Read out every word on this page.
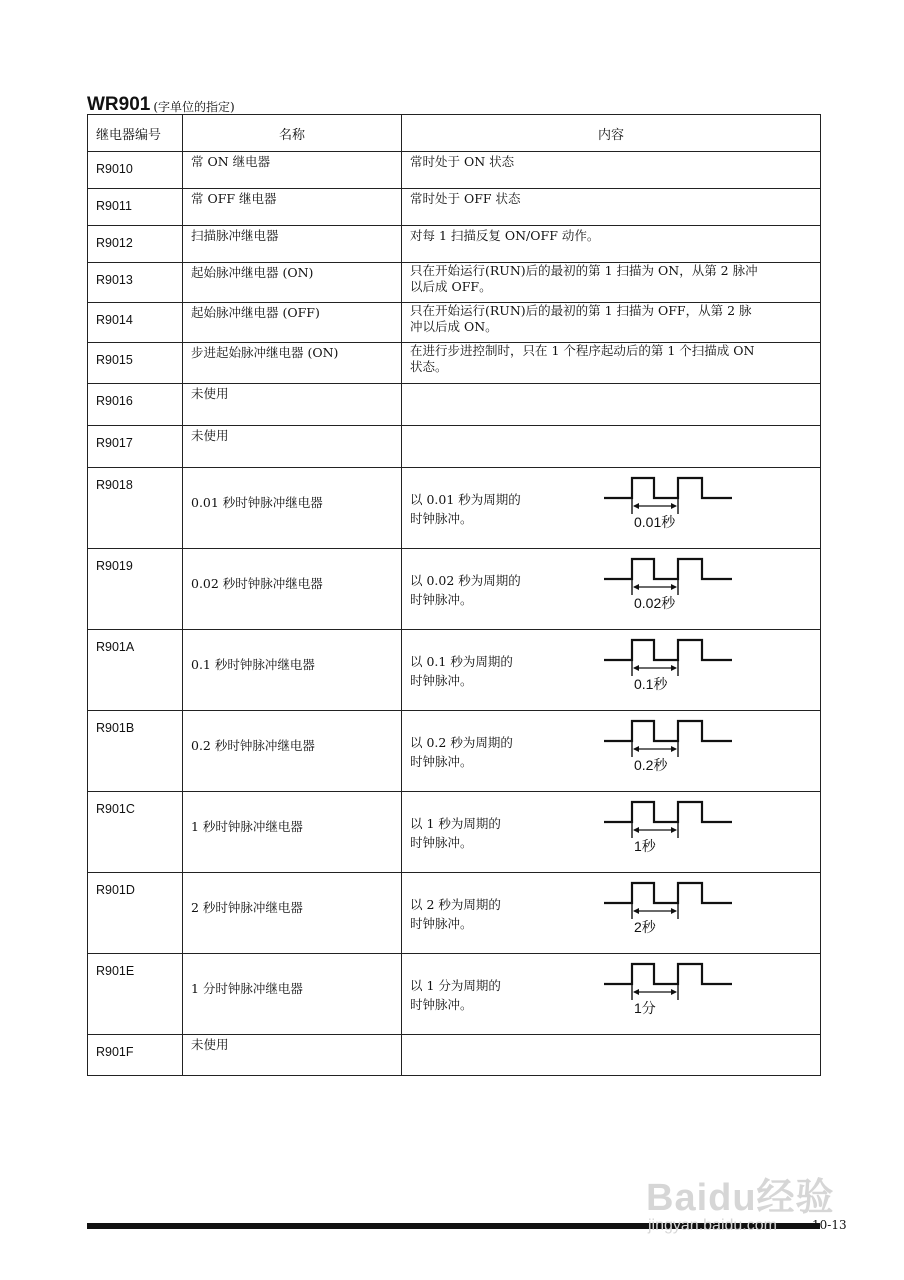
WR901 (字单位的指定)
继电器编号	名称	内容
R9010	常 ON 继电器	常时处于 ON 状态

R9011	常 OFF 继电器	常时处于 OFF 状态

R9012	扫描脉冲继电器	对每 1 扫描反复 ON/OFF 动作。

R9013	起始脉冲继电器 (ON)	只在开始运行(RUN)后的最初的第 1 扫描为 ON，从第 2 脉冲
以后成 OFF。

R9014	起始脉冲继电器 (OFF)	只在开始运行(RUN)后的最初的第 1 扫描为 OFF，从第 2 脉
冲以后成 ON。

R9015	步进起始脉冲继电器 (ON)	在进行步进控制时，只在 1 个程序起动后的第 1 个扫描成 ON
状态。

R9016	未使用	

R9017	未使用	

R9018	0.01 秒时钟脉冲继电器	以 0.01 秒为周期的
时钟脉冲。 0.01秒

R9019	0.02 秒时钟脉冲继电器	以 0.02 秒为周期的
时钟脉冲。 0.02秒

R901A	0.1 秒时钟脉冲继电器	以 0.1 秒为周期的
时钟脉冲。 0.1秒

R901B	0.2 秒时钟脉冲继电器	以 0.2 秒为周期的
时钟脉冲。 0.2秒

R901C	1 秒时钟脉冲继电器	以 1 秒为周期的
时钟脉冲。 1秒

R901D	2 秒时钟脉冲继电器	以 2 秒为周期的
时钟脉冲。 2秒

R901E	1 分时钟脉冲继电器	以 1 分为周期的
时钟脉冲。 1分

R901F	未使用	

10-13
Baidu经验
jingyan.baidu.com
